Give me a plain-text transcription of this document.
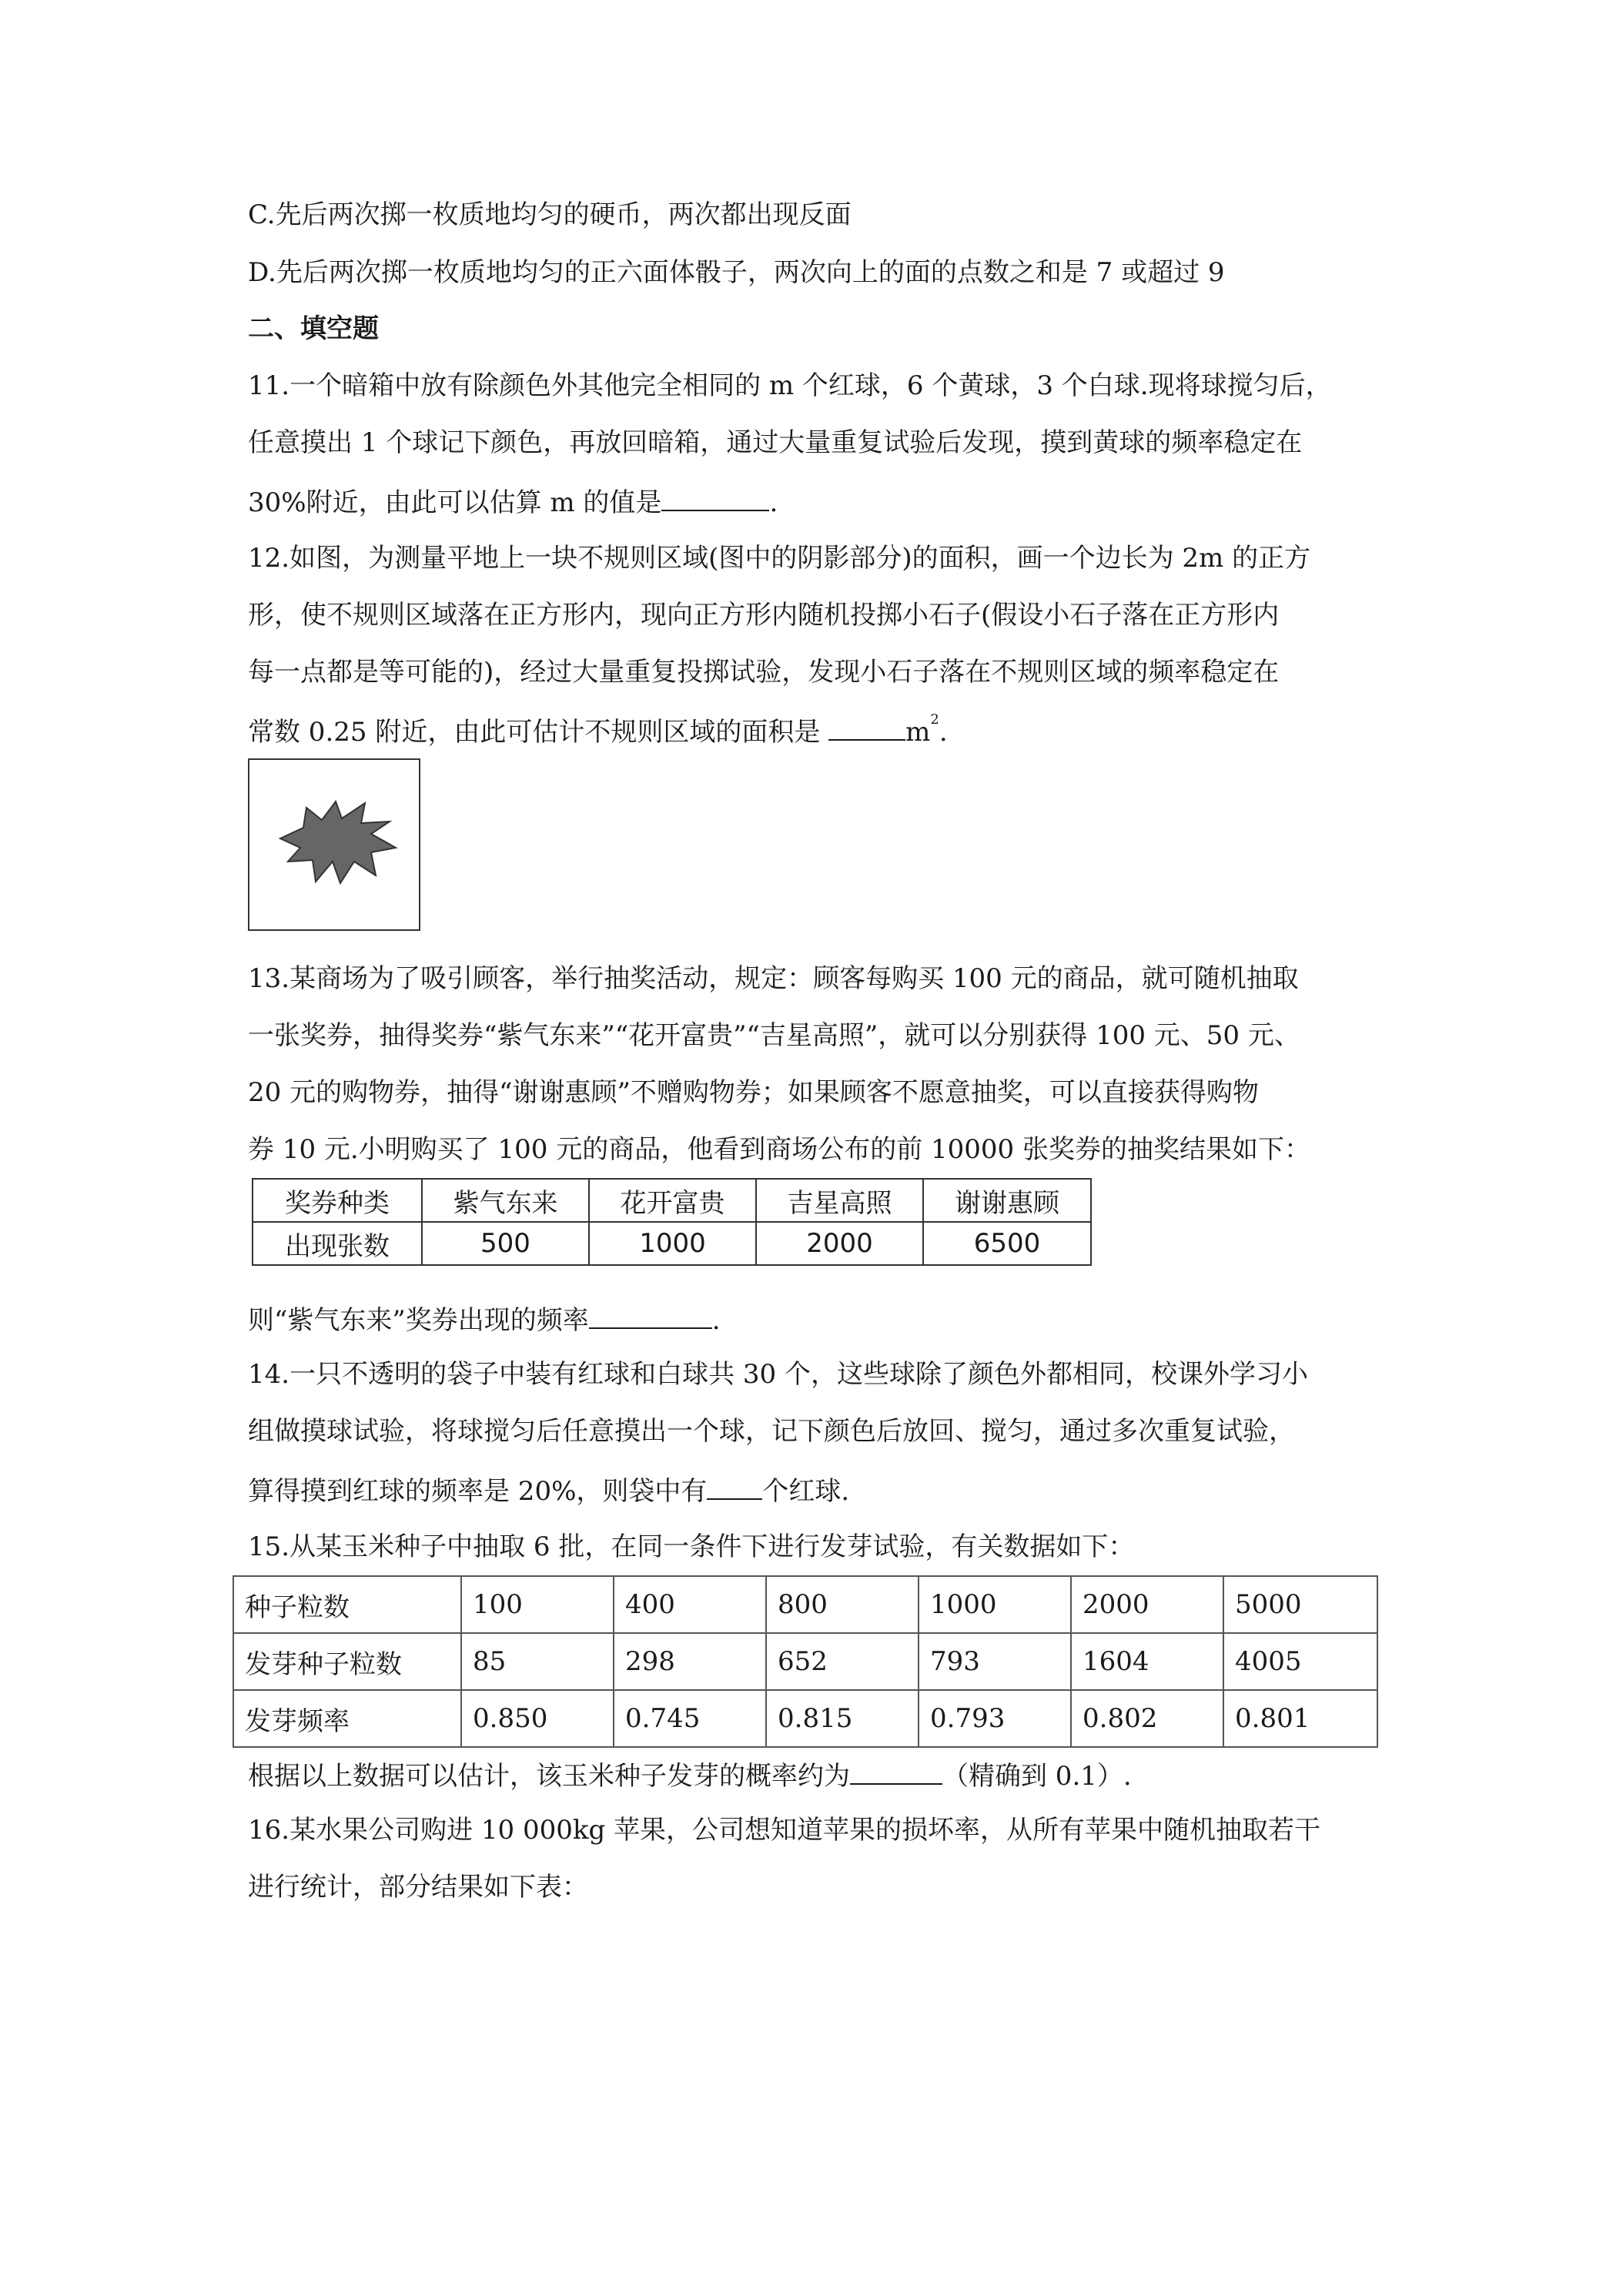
C.先后两次掷一枚质地均匀的硬币，两次都出现反面
D.先后两次掷一枚质地均匀的正六面体骰子，两次向上的面的点数之和是 7 或超过 9
二、填空题
11.一个暗箱中放有除颜色外其他完全相同的 m 个红球，6 个黄球，3 个白球.现将球搅匀后，
任意摸出 1 个球记下颜色，再放回暗箱，通过大量重复试验后发现，摸到黄球的频率稳定在
30%附近，由此可以估算 m 的值是	.
12.如图，为测量平地上一块不规则区域(图中的阴影部分)的面积，画一个边长为 2m 的正方
形，使不规则区域落在正方形内，现向正方形内随机投掷小石子(假设小石子落在正方形内
每一点都是等可能的)，经过大量重复投掷试验，发现小石子落在不规则区域的频率稳定在
常数 0.25 附近，由此可估计不规则区域的面积是	$m^2$.
13.某商场为了吸引顾客，举行抽奖活动，规定：顾客每购买 100 元的商品，就可随机抽取
一张奖券，抽得奖券“紫气东来”“花开富贵”“吉星高照”，就可以分别获得 100 元、50 元、
20 元的购物券，抽得“谢谢惠顾”不赠购物券；如果顾客不愿意抽奖，可以直接获得购物
券 10 元.小明购买了 100 元的商品，他看到商场公布的前 10000 张奖券的抽奖结果如下：
奖券种类	紫气东来	花开富贵	吉星高照	谢谢惠顾
出现张数	500	1000	2000	6500
则“紫气东来”奖券出现的频率	.
14.一只不透明的袋子中装有红球和白球共 30 个，这些球除了颜色外都相同，校课外学习小
组做摸球试验，将球搅匀后任意摸出一个球，记下颜色后放回、搅匀，通过多次重复试验，
算得摸到红球的频率是 20%，则袋中有 个红球.
15.从某玉米种子中抽取 6 批，在同一条件下进行发芽试验，有关数据如下：
种子粒数	100	400	800	1000	2000	5000
发芽种子粒数	85	298	652	793	1604	4005
发芽频率	0.850	0.745	0.815	0.793	0.802	0.801
根据以上数据可以估计，该玉米种子发芽的概率约为	（精确到 0.1）.
16.某水果公司购进 10 000kg 苹果，公司想知道苹果的损坏率，从所有苹果中随机抽取若干
进行统计，部分结果如下表：
